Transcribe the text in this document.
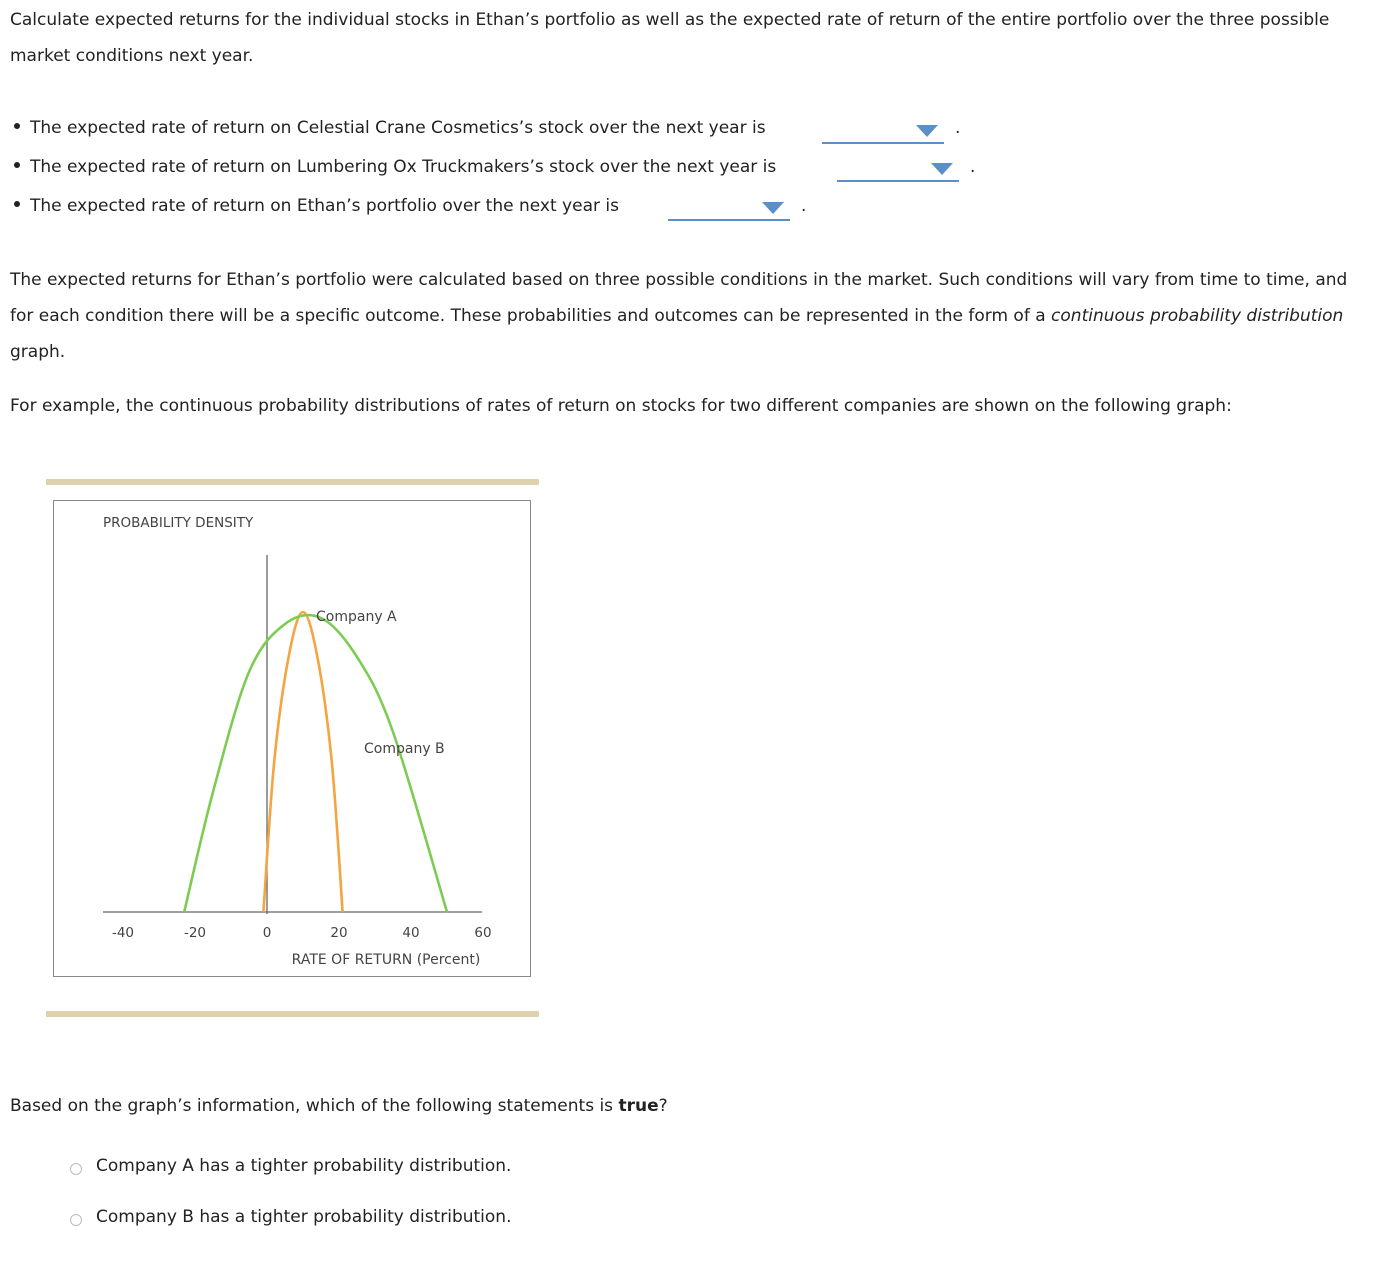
Calculate expected returns for the individual stocks in Ethan’s portfolio as well as the expected rate of return of the entire portfolio over the three possible market conditions next year.

The expected rate of return on Celestial Crane Cosmetics’s stock over the next year is	.
The expected rate of return on Lumbering Ox Truckmakers’s stock over the next year is	.
The expected rate of return on Ethan’s portfolio over the next year is	.

The expected returns for Ethan’s portfolio were calculated based on three possible conditions in the market. Such conditions will vary from time to time, and for each condition there will be a specific outcome. These probabilities and outcomes can be represented in the form of a continuous probability distribution graph.

For example, the continuous probability distributions of rates of return on stocks for two different companies are shown on the following graph:

PROBABILITY DENSITY
-40	-20	0	20	40	60
RATE OF RETURN (Percent)
Company A
Company B

Based on the graph’s information, which of the following statements is true?

Company A has a tighter probability distribution.
Company B has a tighter probability distribution.
